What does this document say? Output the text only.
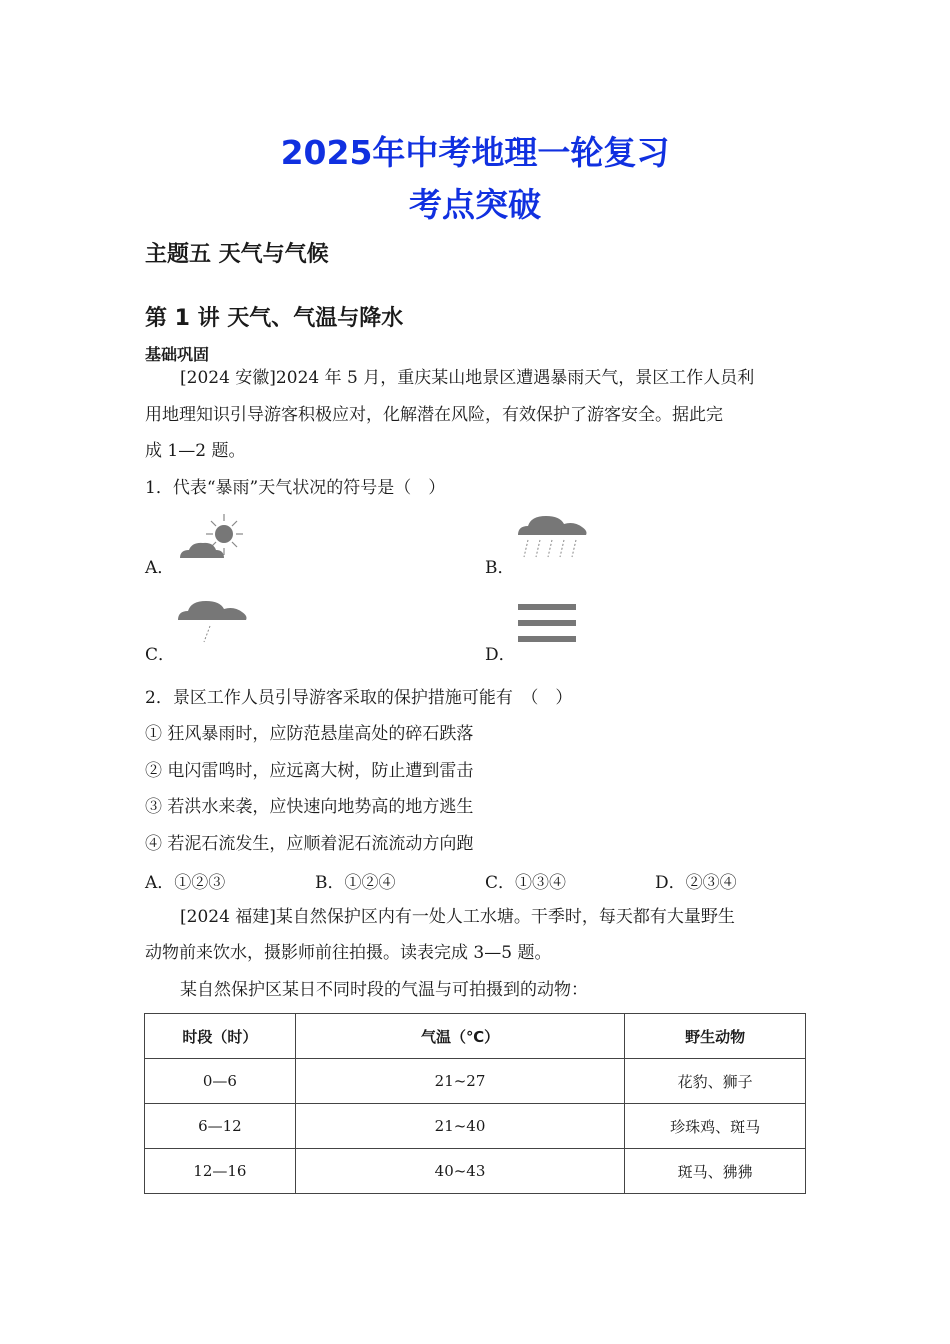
2025年中考地理一轮复习
考点突破
主题五 天气与气候
第 1 讲 天气、气温与降水
基础巩固
[2024 安徽]2024 年 5 月，重庆某山地景区遭遇暴雨天气，景区工作人员利
用地理知识引导游客积极应对，化解潜在风险，有效保护了游客安全。据此完
成 1—2 题。
1．代表“暴雨”天气状况的符号是（　）
A．	B．
C．	D．
2．景区工作人员引导游客采取的保护措施可能有　（　）
① 狂风暴雨时，应防范悬崖高处的碎石跌落
② 电闪雷鸣时，应远离大树，防止遭到雷击
③ 若洪水来袭，应快速向地势高的地方逃生
④ 若泥石流发生，应顺着泥石流流动方向跑
A．①②③	B．①②④	C．①③④	D．②③④
[2024 福建]某自然保护区内有一处人工水塘。干季时，每天都有大量野生
动物前来饮水，摄影师前往拍摄。读表完成 3—5 题。
某自然保护区某日不同时段的气温与可拍摄到的动物：
时段（时）	气温（℃）	野生动物
0—6	21~27	花豹、狮子
6—12	21~40	珍珠鸡、斑马
12—16	40~43	斑马、狒狒
